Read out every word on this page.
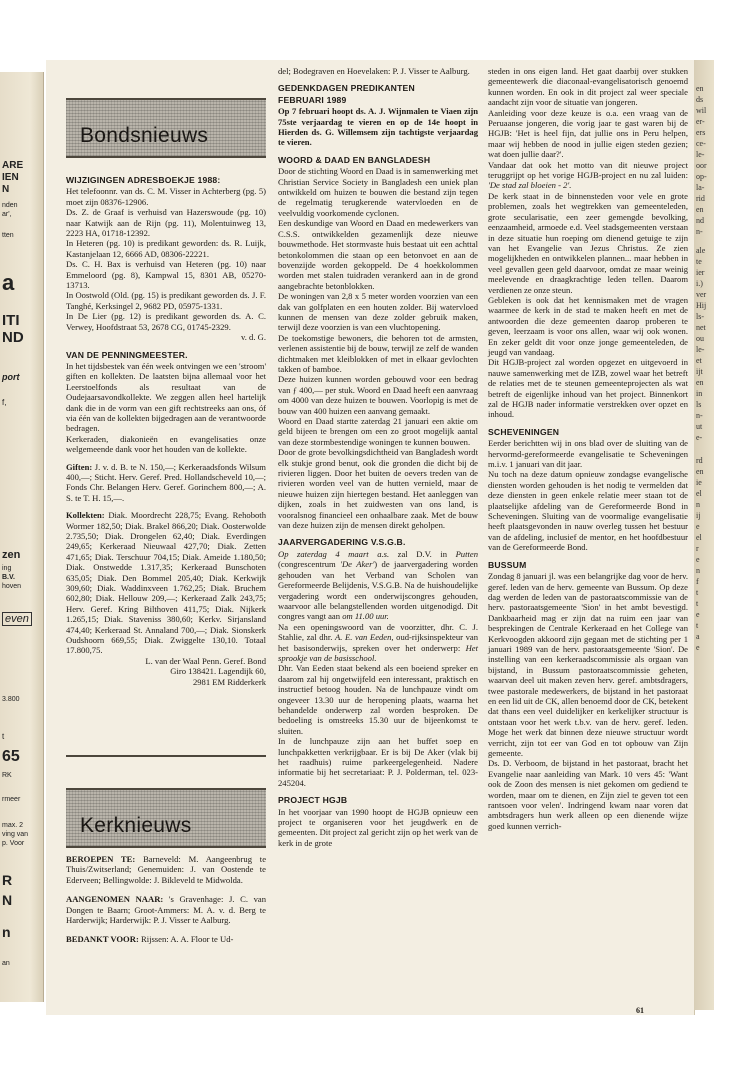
ARE
IEN
N
nden
ar',
tten
a
ITI
ND
port
f,
zen
ing
B.V.
hoven
even
3.800
t
65
RK
rmeer
max. 2
ving van
p. Voor
R
N
n
an
Bondsnieuws
WIJZIGINGEN ADRESBOEKJE 1988:

Het telefoonnr. van ds. C. M. Visser in Achterberg (pg. 5) moet zijn 08376-12906.

Ds. Z. de Graaf is verhuisd van Hazerswoude (pg. 10) naar Katwijk aan de Rijn (pg. 11), Molentuinweg 13, 2223 HA, 01718-12392.

In Heteren (pg. 10) is predikant geworden: ds. R. Luijk, Kastanjelaan 12, 6666 AD, 08306-22221.

Ds. C. H. Bax is verhuisd van Heteren (pg. 10) naar Emmeloord (pg. 8), Kampwal 15, 8301 AB, 05270-13713.

In Oostwold (Old. (pg. 15) is predikant geworden ds. J. F. Tanghé, Kerksingel 2, 9682 PD, 05975-1331.

In De Lier (pg. 12) is predikant geworden ds. A. C. Verwey, Hoofdstraat 53, 2678 CG, 01745-2329.

v. d. G.

VAN DE PENNINGMEESTER.

In het tijdsbestek van één week ontvingen we een 'stroom' giften en kollekten. De laatsten bijna allemaal voor het Leerstoelfonds als resultaat van de Oudejaarsavondkollekte. We zeggen allen heel hartelijk dank die in de vorm van een gift rechtstreeks aan ons, óf via één van de kollekten bijgedragen aan de verantwoorde bedragen.

Kerkeraden, diakonieën en evangelisaties onze welgemeende dank voor het houden van de kollekte.

Giften: J. v. d. B. te N. 150,—; Kerkeraadsfonds Wilsum 400,—; Sticht. Herv. Geref. Pred. Hollandscheveld 10,—; Fonds Chr. Belangen Herv. Geref. Gorinchem 800,—; A. S. te T. H. 15,—.

Kollekten: Diak. Moordrecht 228,75; Evang. Rehoboth Wormer 182,50; Diak. Brakel 866,20; Diak. Oosterwolde 2.735,50; Diak. Drongelen 62,40; Diak. Everdingen 249,65; Kerkeraad Nieuwaal 427,70; Diak. Zetten 471,65; Diak. Terschuur 704,15; Diak. Ameide 1.180,50; Diak. Onstwedde 1.317,35; Kerkeraad Bunschoten 635,05; Diak. Den Bommel 205,40; Diak. Kerkwijk 309,60; Diak. Waddinxveen 1.762,25; Diak. Bruchem 602,80; Diak. Hellouw 209,—; Kerkeraad Zalk 243,75; Herv. Geref. Kring Bilthoven 411,75; Diak. Nijkerk 1.265,15; Diak. Staveniss 380,60; Kerkv. Sirjansland 474,40; Kerkeraad St. Annaland 700,—; Diak. Sionskerk Oudshoorn 669,55; Diak. Zwiggelte 130,10. Totaal 17.800,75.

L. van der Waal Penn. Geref. Bond

Giro 138421. Lagendijk 60,

2981 EM Ridderkerk

Kerknieuws

BEROEPEN TE: Barneveld: M. Aangeenbrug te Thuis/Zwitserland; Genemuiden: J. van Oostende te Ederveen; Bellingwolde: J. Bikleveld te Midwolda.

AANGENOMEN NAAR: 's Gravenhage: J. C. van Dongen te Baarn; Groot-Ammers: M. A. v. d. Berg te Harderwijk; Harderwijk: P. J. Visser te Aalburg.

BEDANKT VOOR: Rijssen: A. A. Floor te Ud-

del; Bodegraven en Hoevelaken: P. J. Visser te Aalburg.

GEDENKDAGEN PREDIKANTEN
FEBRUARI 1989

Op 7 februari hoopt ds. A. J. Wijnmalen te Viaen zijn 75ste verjaardag te vieren en op de 14e hoopt in Hierden ds. G. Willemsem zijn tachtigste verjaardag te vieren.

WOORD & DAAD EN BANGLADESH

Door de stichting Woord en Daad is in samenwerking met Christian Service Society in Bangladesh een uniek plan ontwikkeld om huizen te bouwen die bestand zijn tegen de regelmatig terugkerende watervloeden en de veelvuldig voorkomende cyclonen.

Een deskundige van Woord en Daad en medewerkers van C.S.S. ontwikkelden gezamenlijk deze nieuwe bouwmethode. Het stormvaste huis bestaat uit een achttal betonkolommen die staan op een betonvoet en aan de bovenzijde worden gekoppeld. De 4 hoekkolommen worden met stalen tuidraden verankerd aan in de grond aangebrachte betonblokken.

De woningen van 2,8 x 5 meter worden voorzien van een dak van golfplaten en een houten zolder. Bij watervloed kunnen de mensen van deze zolder gebruik maken, terwijl deze voorzien is van een vluchtopening.

De toekomstige bewoners, die behoren tot de armsten, verlenen assistentie bij de bouw, terwijl ze zelf de wanden dichtmaken met kleiblokken of met in elkaar gevlochten takken of bamboe.

Deze huizen kunnen worden gebouwd voor een bedrag van ƒ 400,— per stuk. Woord en Daad heeft een aanvraag om 4000 van deze huizen te bouwen. Voorlopig is met de bouw van 400 huizen een aanvang gemaakt.

Woord en Daad startte zaterdag 21 januari een aktie om geld bijeen te brengen om een zo groot mogelijk aantal van deze stormbestendige woningen te kunnen bouwen.

Door de grote bevolkingsdichtheid van Bangladesh wordt elk stukje grond benut, ook die gronden die dicht bij de rivieren liggen. Door het buiten de oevers treden van de rivieren worden veel van de hutten vernield, maar de nieuwe huizen zijn hiertegen bestand. Het aanleggen van dijken, zoals in het zuidwesten van ons land, is vooralsnog financieel een onhaalbare zaak. Met de bouw van deze huizen zijn de mensen direkt geholpen.

JAARVERGADERING V.S.G.B.

Op zaterdag 4 maart a.s. zal D.V. in Putten (congrescentrum 'De Aker') de jaarvergadering worden gehouden van het Verband van Scholen van Gereformeerde Belijdenis, V.S.G.B. Na de huishoudelijke vergadering wordt een onderwijscongres gehouden, waarvoor alle belangstellenden worden uitgenodigd. Dit congres vangt aan om 11.00 uur.

Na een openingswoord van de voorzitter, dhr. C. J. Stahlie, zal dhr. A. E. van Eeden, oud-rijksinspekteur van het basisonderwijs, spreken over het onderwerp: Het sprookje van de basisschool.

Dhr. Van Eeden staat bekend als een boeiend spreker en daarom zal hij ongetwijfeld een interessant, praktisch en instructief betoog houden. Na de lunchpauze vindt om ongeveer 13.30 uur de heropening plaats, waarna het behandelde onderwerp zal worden besproken. De bedoeling is omstreeks 15.30 uur de bijeenkomst te sluiten.

In de lunchpauze zijn aan het buffet soep en lunchpakketten verkrijgbaar. Er is bij De Aker (vlak bij het raadhuis) ruime parkeergelegenheid. Nadere informatie bij het secretariaat: P. J. Polderman, tel. 023-245204.

PROJECT HGJB

In het voorjaar van 1990 hoopt de HGJB opnieuw een project te organiseren voor het jeugdwerk en de gemeenten. Dit project zal gericht zijn op het werk van de kerk in de grote

steden in ons eigen land. Het gaat daarbij over stukken gemeentewerk die diaconaal-evangelisatorisch genoemd kunnen worden. En ook in dit project zal weer speciale aandacht zijn voor de situatie van jongeren.

Aanleiding voor deze keuze is o.a. een vraag van de Peruaanse jongeren, die vorig jaar te gast waren bij de HGJB: 'Het is heel fijn, dat jullie ons in Peru helpen, maar wij hebben de nood in jullie eigen steden gezien; wat doen jullie daar?'.

Vandaar dat ook het motto van dit nieuwe project teruggrijpt op het vorige HGJB-project en nu zal luiden: 'De stad zal bloeien - 2'.

De kerk staat in de binnensteden voor vele en grote problemen, zoals het wegtrekken van gemeenteleden, grote secularisatie, een zeer gemengde bevolking, eenzaamheid, armoede e.d. Veel stadsgemeenten verstaan in deze situatie hun roeping om dienend getuige te zijn van het Evangelie van Jezus Christus. Ze zien mogelijkheden en ontwikkelen plannen... maar hebben in veel gevallen geen geld daarvoor, omdat ze maar weinig meelevende en draagkrachtige leden tellen. Daarom verdienen ze onze steun.

Gebleken is ook dat het kennismaken met de vragen waarmee de kerk in de stad te maken heeft en met de antwoorden die deze gemeenten daarop proberen te geven, leerzaam is voor ons allen, waar wij ook wonen. En zeker geldt dit voor onze jonge gemeenteleden, de jeugd van vandaag.

Dit HGJB-project zal worden opgezet en uitgevoerd in nauwe samenwerking met de IZB, zowel waar het betreft de relaties met de te steunen gemeenteprojecten als wat betreft de eigenlijke inhoud van het project. Binnenkort zal de HGJB nader informatie verstrekken over opzet en inhoud.

SCHEVENINGEN

Eerder berichtten wij in ons blad over de sluiting van de hervormd-gereformeerde evangelisatie te Scheveningen m.i.v. 1 januari van dit jaar.

Nu toch na deze datum opnieuw zondagse evangelische diensten worden gehouden is het nodig te vermelden dat deze diensten in geen enkele relatie meer staan tot de plaatselijke afdeling van de Gereformeerde Bond in Scheveningen. Sluiting van de voormalige evangelisatie heeft plaatsgevonden in nauw overleg tussen het bestuur van de afdeling, inclusief de mentor, en het hoofdbestuur van de Gereformeerde Bond.

BUSSUM

Zondag 8 januari jl. was een belangrijke dag voor de herv. geref. leden van de herv. gemeente van Bussum. Op deze dag werden de leden van de pastoraatscommissie van de herv. pastoraatsgemeente 'Sion' in het ambt bevestigd. Dankbaarheid mag er zijn dat na ruim een jaar van besprekingen de Centrale Kerkeraad en het College van Kerkvoogden akkoord zijn gegaan met de stichting per 1 januari 1989 van de herv. pastoraatsgemeente 'Sion'. De instelling van een kerkeraadscommissie als orgaan van bijstand, in Bussum pastoraatscommissie geheten, waarvan deel uit maken zeven herv. geref. ambtsdragers, twee pastorale medewerkers, de bijstand in het pastoraat en een lid uit de CK, allen benoemd door de CK, betekent dat thans een veel duidelijker en kerkelijker structuur is ontstaan voor het werk t.b.v. van de herv. geref. leden. Moge het werk dat binnen deze nieuwe structuur wordt verricht, zijn tot eer van God en tot opbouw van Zijn gemeente.

Ds. D. Verboom, de bijstand in het pastoraat, bracht het Evangelie naar aanleiding van Mark. 10 vers 45: 'Want ook de Zoon des mensen is niet gekomen om gediend te worden, maar om te dienen, en Zijn ziel te geven tot een rantsoen voor velen'. Indringend kwam naar voren dat ambtsdragers hun werk alleen op een dienende wijze goed kunnen verrich-

en
ds
wil
er-
ers
ce-
le-
oor
op-
la-
rid
en
nd
n-
ale
te
ier
i.)
ver
Hij
ls-
net
ou
le-
et
ijt
en
in
ls
n-
ut
e-
rd
en
ie
el
n
ij
e
el
r
e
n
f
t
t
e
t
a
e
61
